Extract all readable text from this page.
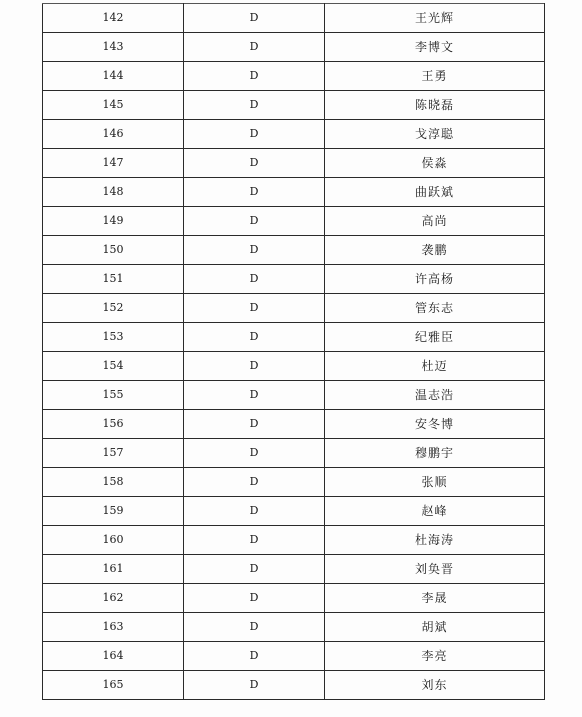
142	D	王光辉
143	D	李博文
144	D	王勇
145	D	陈晓磊
146	D	戈淳聪
147	D	侯淼
148	D	曲跃斌
149	D	高尚
150	D	袭鹏
151	D	许高杨
152	D	管东志
153	D	纪雅臣
154	D	杜迈
155	D	温志浩
156	D	安冬博
157	D	穆鹏宇
158	D	张顺
159	D	赵峰
160	D	杜海涛
161	D	刘奂晋
162	D	李晟
163	D	胡斌
164	D	李亮
165	D	刘东
